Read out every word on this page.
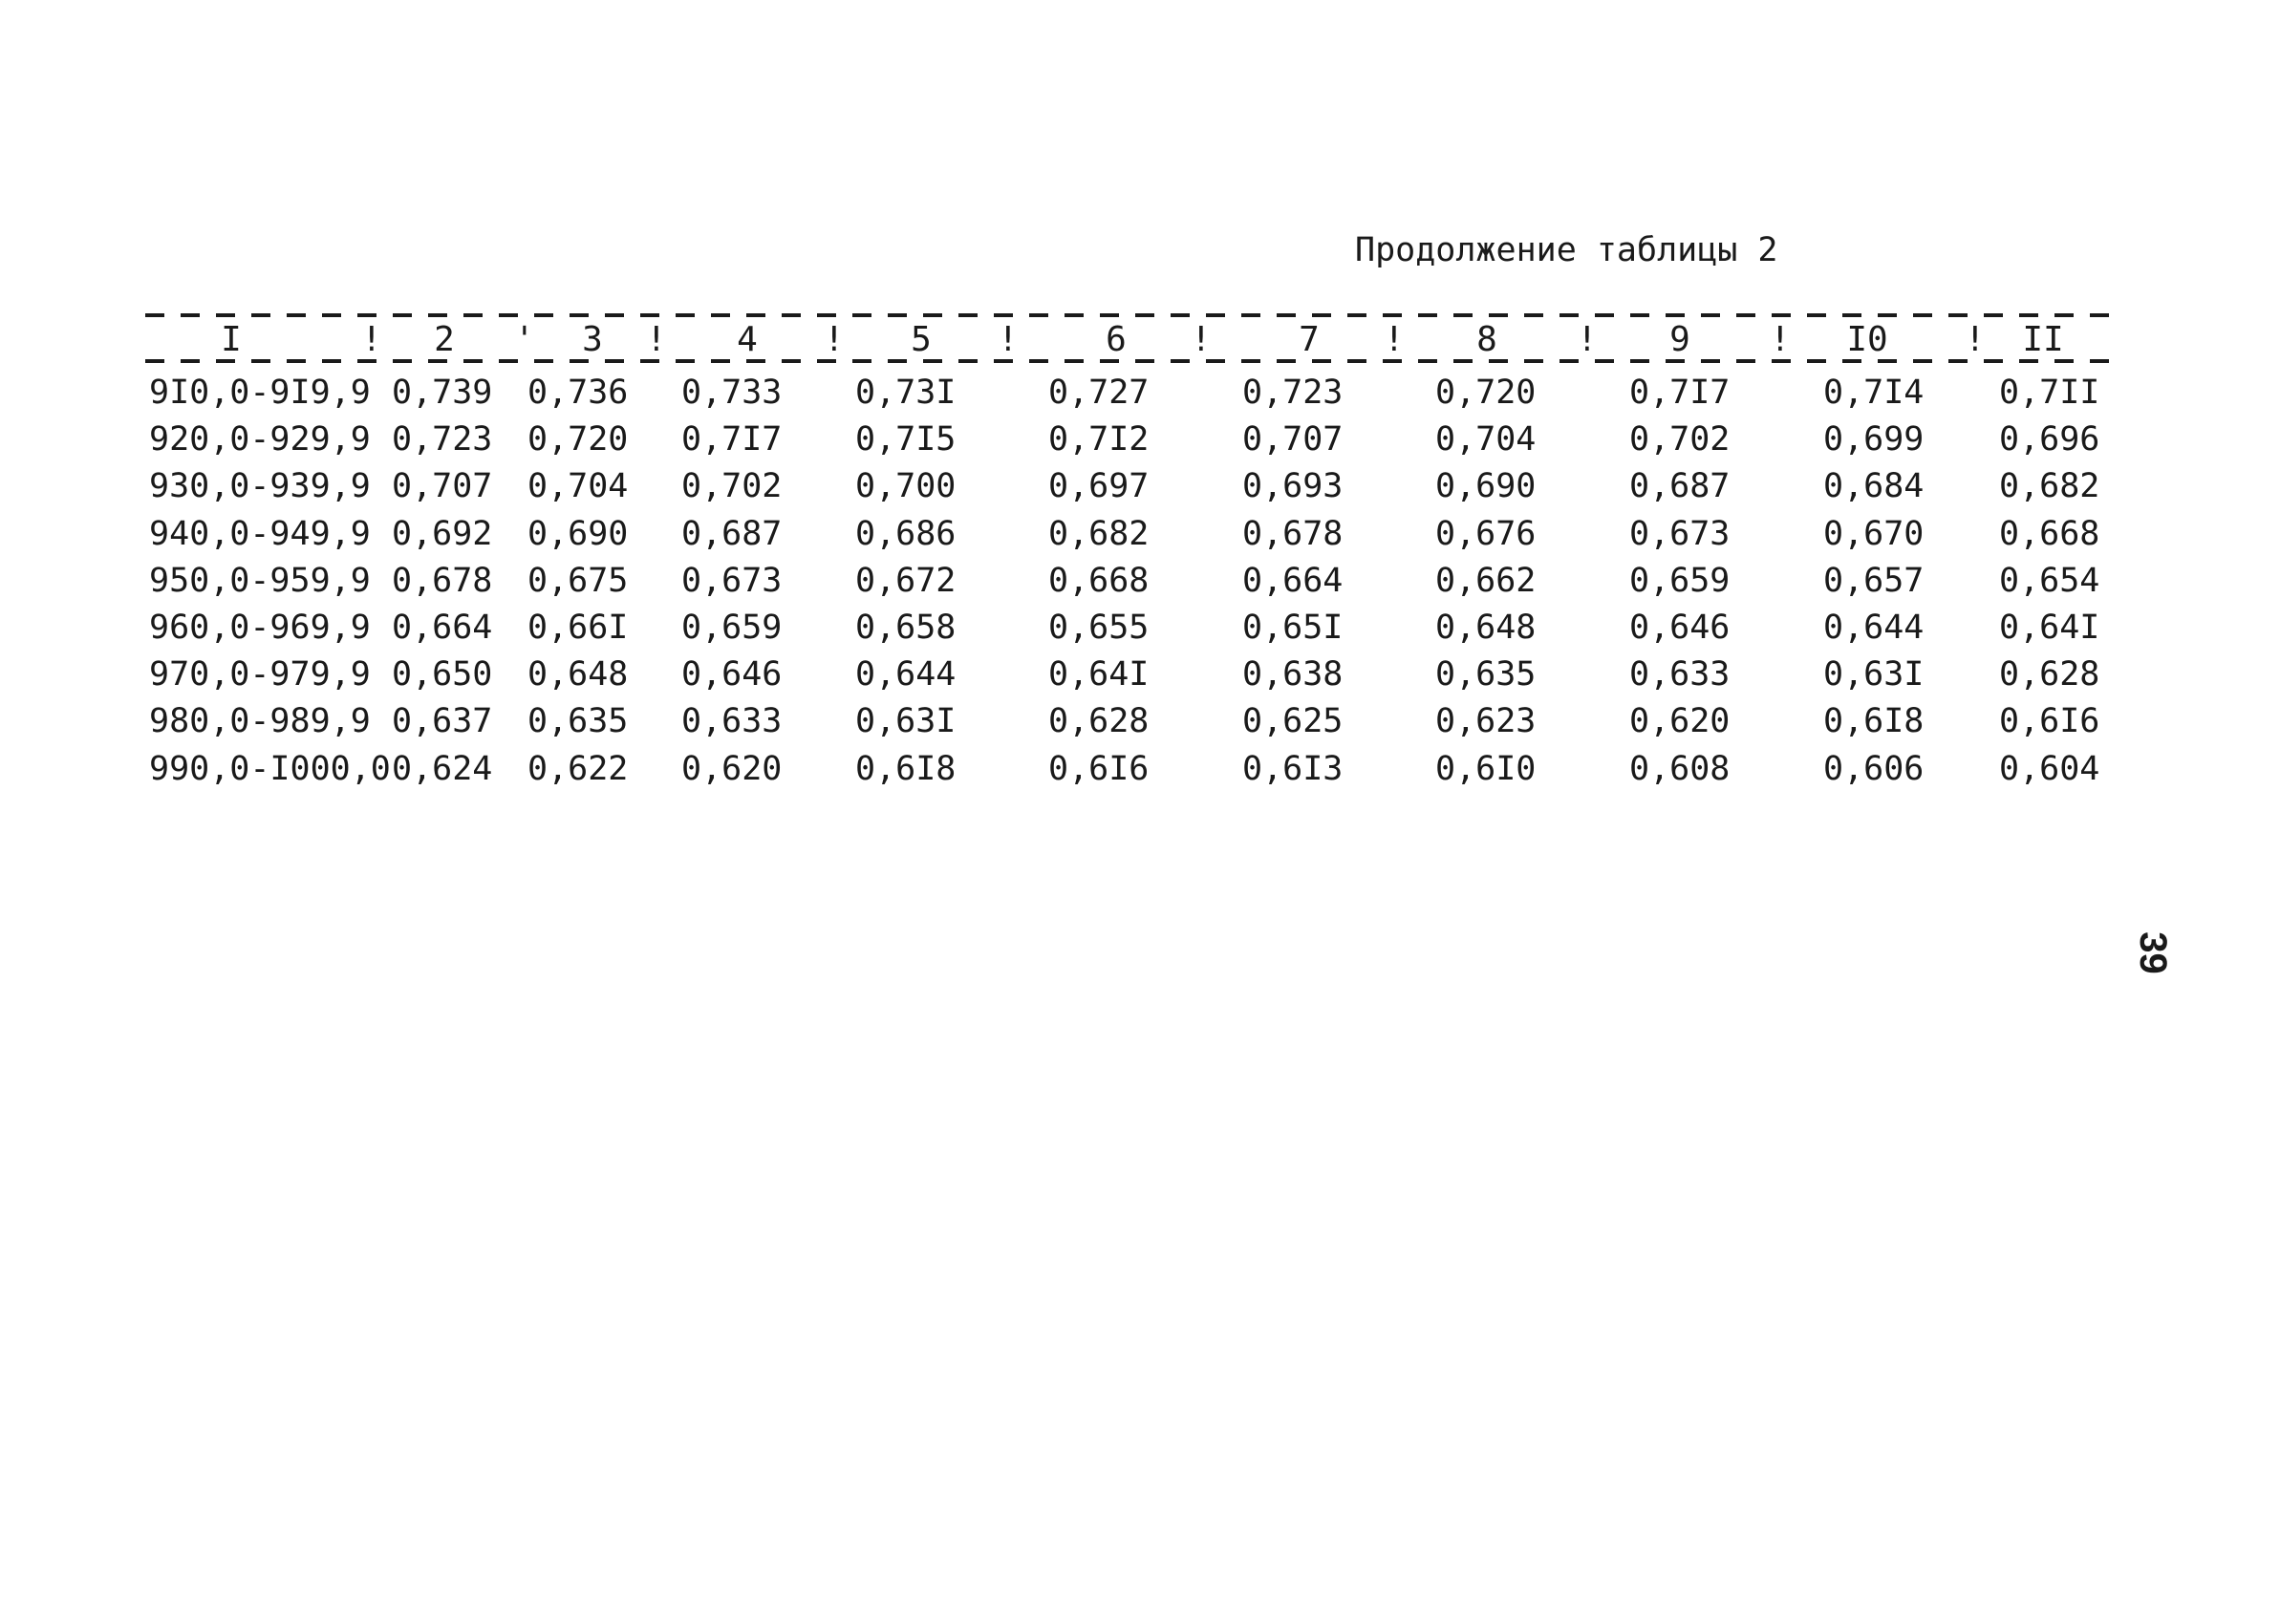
Продолжение таблицы 2
I	! 2 ' 3 ! 4 ! 5 !	6 !	7 ! 8 ! 9 ! I0 ! II
9I0,0-9I9,9 0,739 0,736 0,733 0,73I	0,727	0,723	0,720	0,7I7	0,7I4 0,7II
920,0-929,9 0,723 0,720 0,7I7 0,7I5	0,7I2	0,707	0,704	0,702	0,699 0,696
930,0-939,9 0,707 0,704 0,702 0,700	0,697	0,693	0,690	0,687	0,684 0,682
940,0-949,9 0,692 0,690 0,687 0,686	0,682	0,678	0,676	0,673	0,670 0,668
950,0-959,9 0,678 0,675 0,673 0,672	0,668	0,664	0,662	0,659	0,657 0,654
960,0-969,9 0,664 0,66I 0,659 0,658	0,655	0,65I	0,648	0,646	0,644 0,64I
970,0-979,9 0,650 0,648 0,646 0,644	0,64I	0,638	0,635	0,633	0,63I 0,628
980,0-989,9 0,637 0,635 0,633 0,63I	0,628	0,625	0,623	0,620	0,6I8 0,6I6
990,0-I000,0 0,624 0,622 0,620 0,6I8	0,6I6	0,6I3	0,6I0	0,608	0,606 0,604
39
